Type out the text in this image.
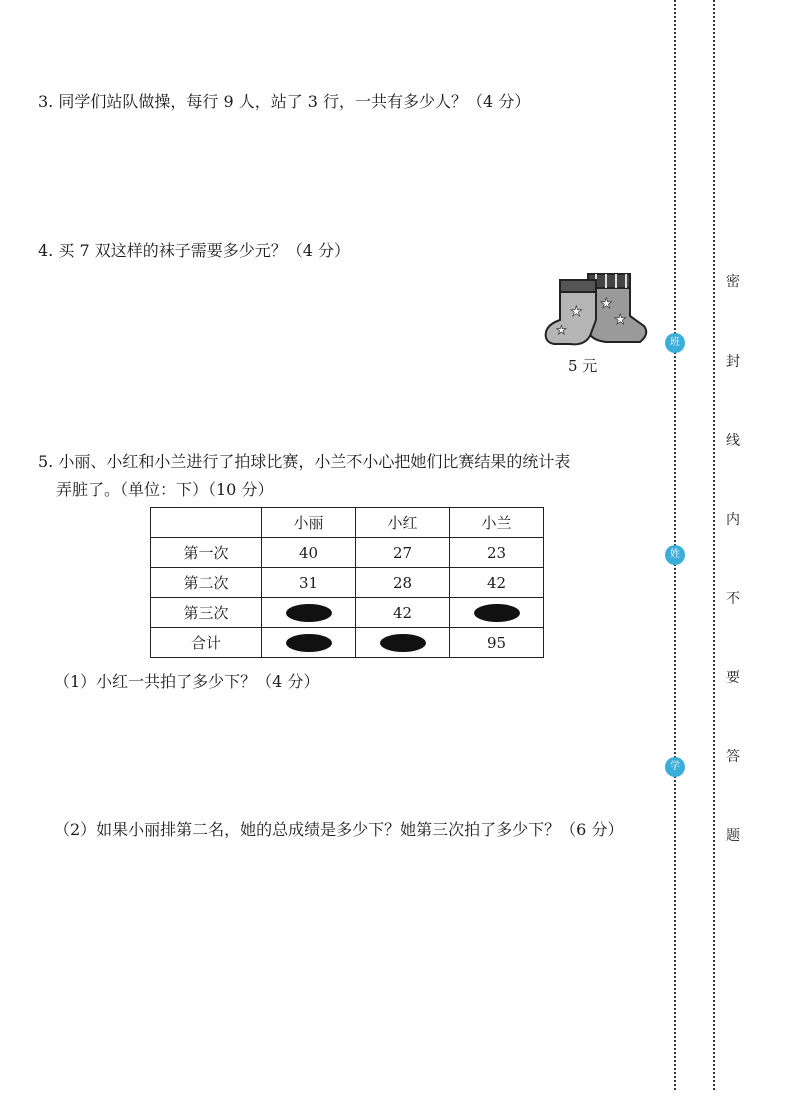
3. 同学们站队做操，每行 9 人，站了 3 行，一共有多少人？（4 分）
4. 买 7 双这样的袜子需要多少元？（4 分）
★ ★
★
★
5 元
5. 小丽、小红和小兰进行了拍球比赛，小兰不小心把她们比赛结果的统计表
弄脏了。（单位：下）（10 分）
	小丽	小红	小兰
第一次	40	27	23
第二次	31	28	42
第三次		42	
合计			95
（1）小红一共拍了多少下？（4 分）
（2）如果小丽排第二名，她的总成绩是多少下？她第三次拍了多少下？（6 分）
班
姓
学
密
封
线
内
不
要
答
题
